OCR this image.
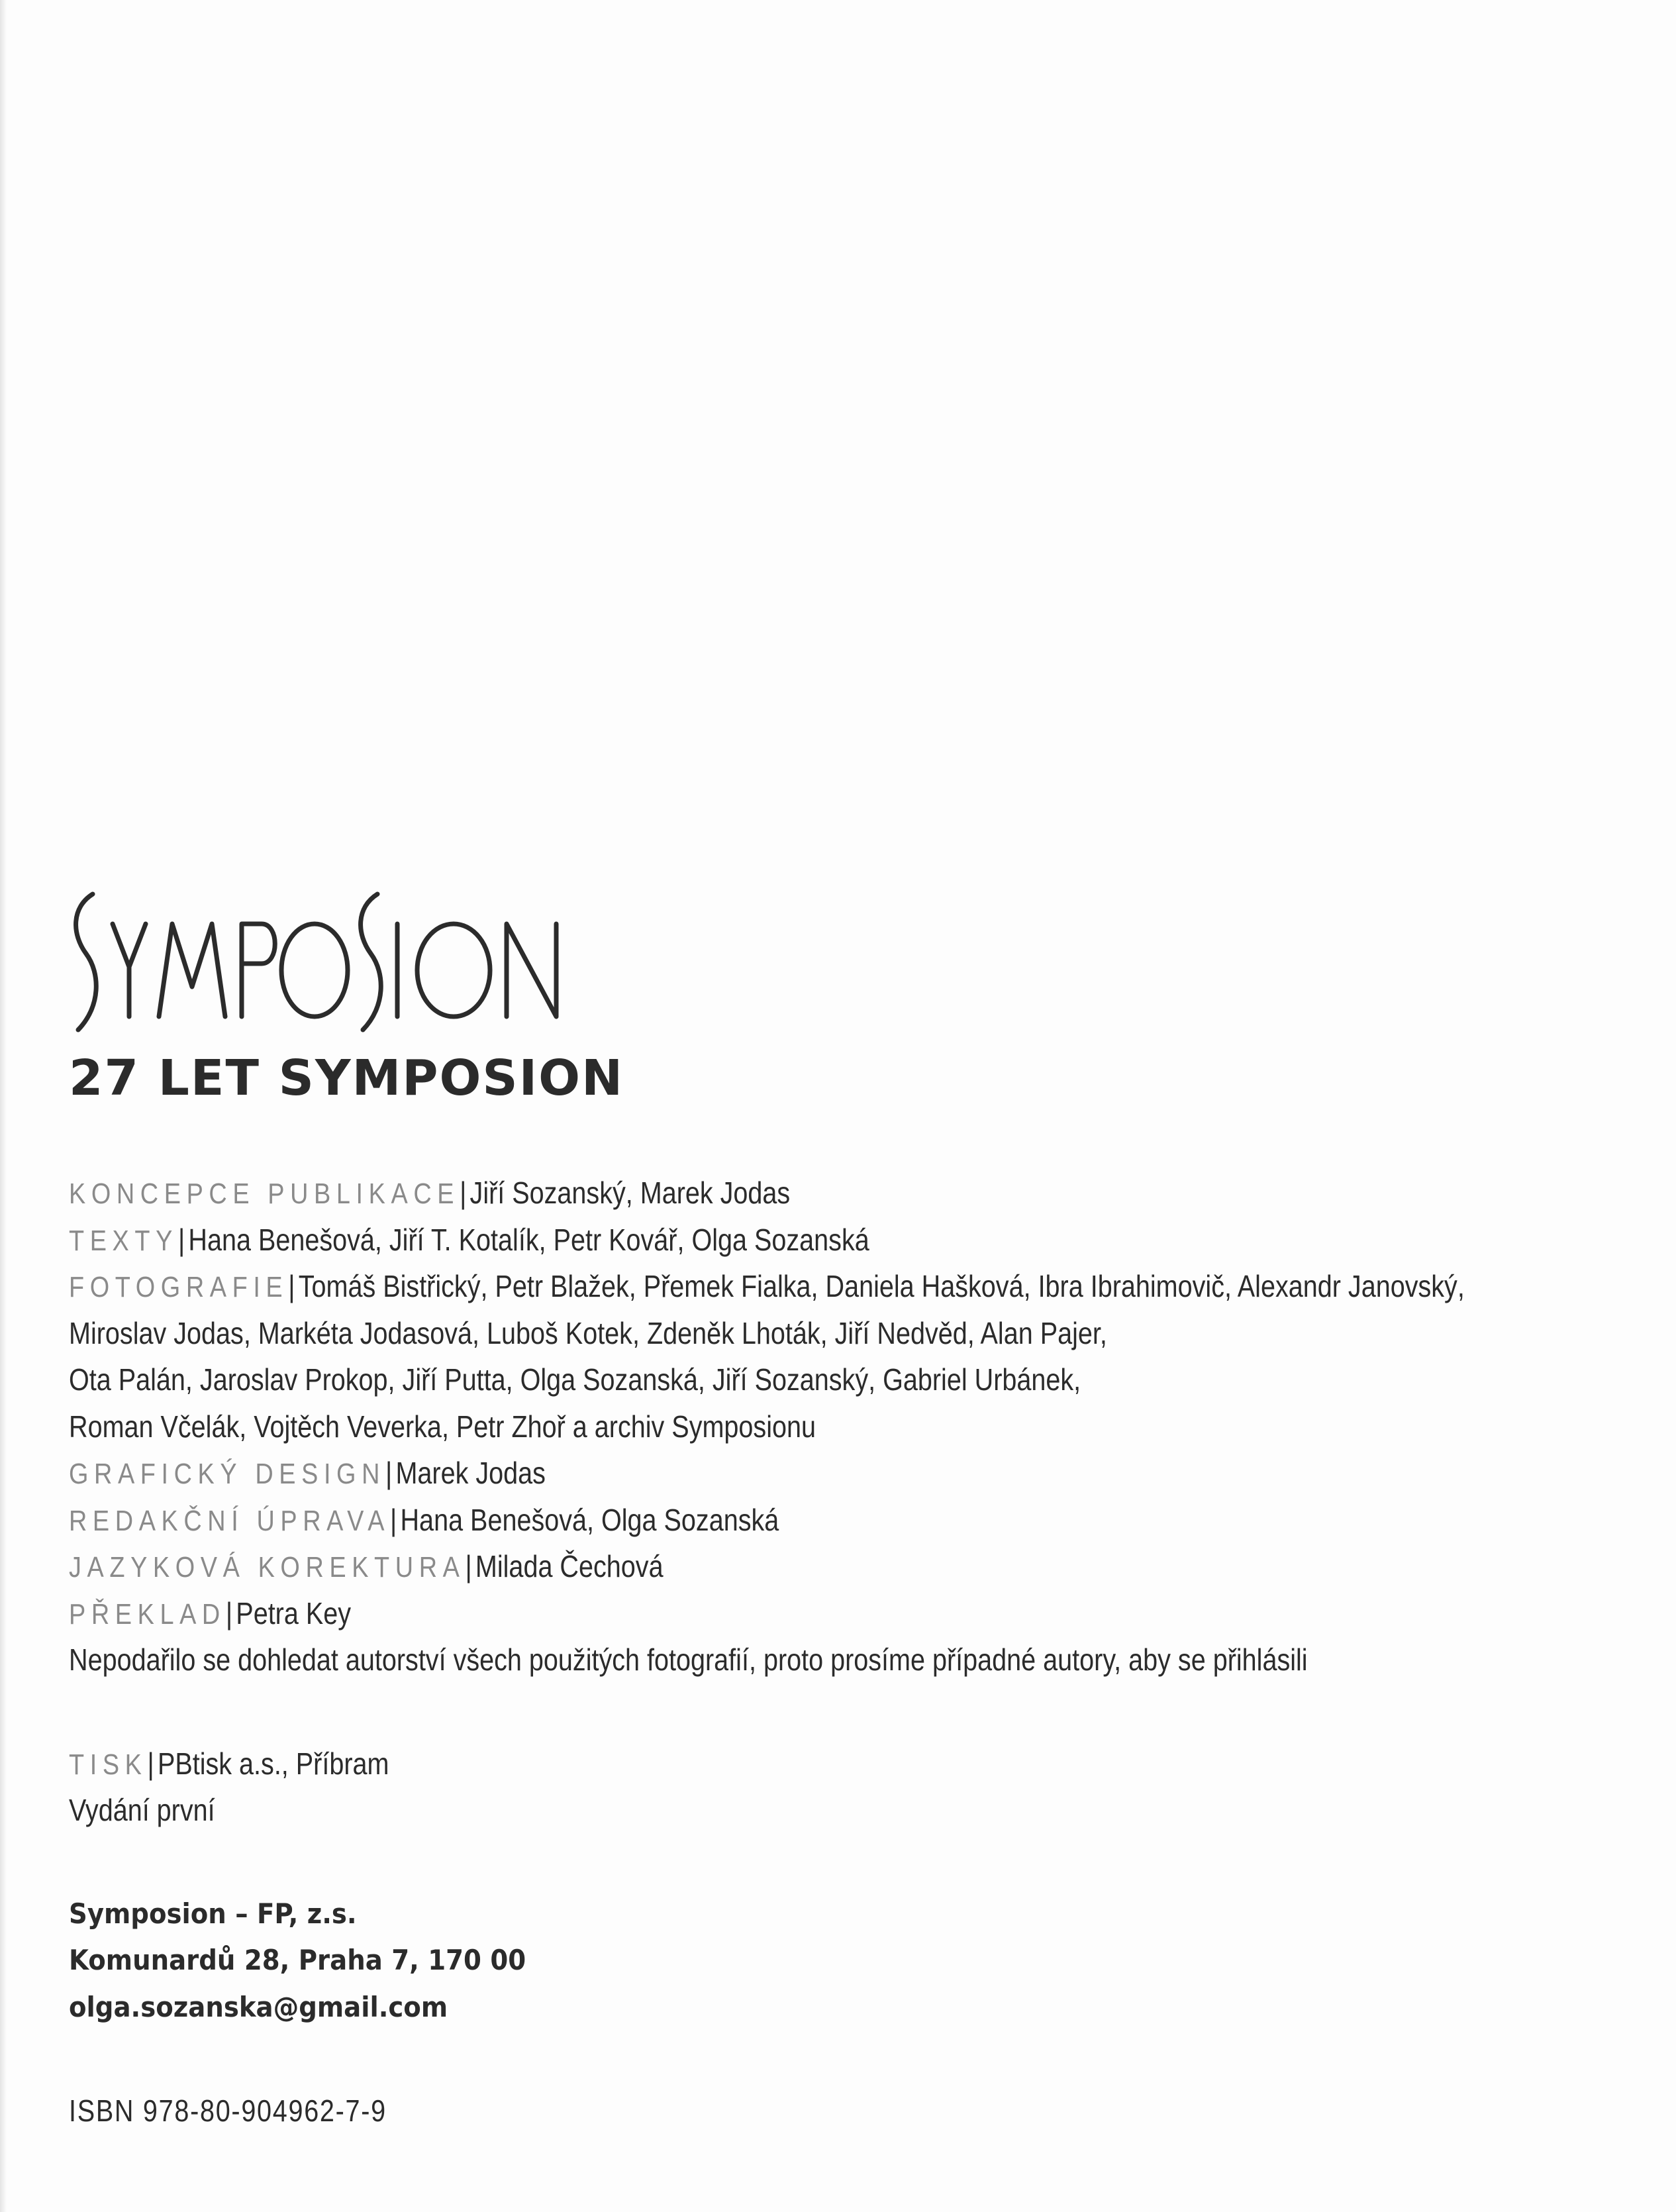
27 LET SYMPOSION
KONCEPCE PUBLIKACE| Jiří Sozanský, Marek Jodas
TEXTY| Hana Benešová, Jiří T. Kotalík, Petr Kovář, Olga Sozanská
FOTOGRAFIE| Tomáš Bistřický, Petr Blažek, Přemek Fialka, Daniela Hašková, Ibra Ibrahimovič, Alexandr Janovský,
Miroslav Jodas, Markéta Jodasová, Luboš Kotek, Zdeněk Lhoták, Jiří Nedvěd, Alan Pajer,
Ota Palán, Jaroslav Prokop, Jiří Putta, Olga Sozanská, Jiří Sozanský, Gabriel Urbánek,
Roman Včelák, Vojtěch Veverka, Petr Zhoř a archiv Symposionu
GRAFICKÝ DESIGN| Marek Jodas
REDAKČNÍ ÚPRAVA| Hana Benešová, Olga Sozanská
JAZYKOVÁ KOREKTURA| Milada Čechová
PŘEKLAD| Petra Key
Nepodařilo se dohledat autorství všech použitých fotografií, proto prosíme případné autory, aby se přihlásili
TISK| PBtisk a.s., Příbram
Vydání první
Symposion – FP, z.s.
Komunardů 28, Praha 7, 170 00
olga.sozanska@gmail.com
ISBN 978-80-904962-7-9
